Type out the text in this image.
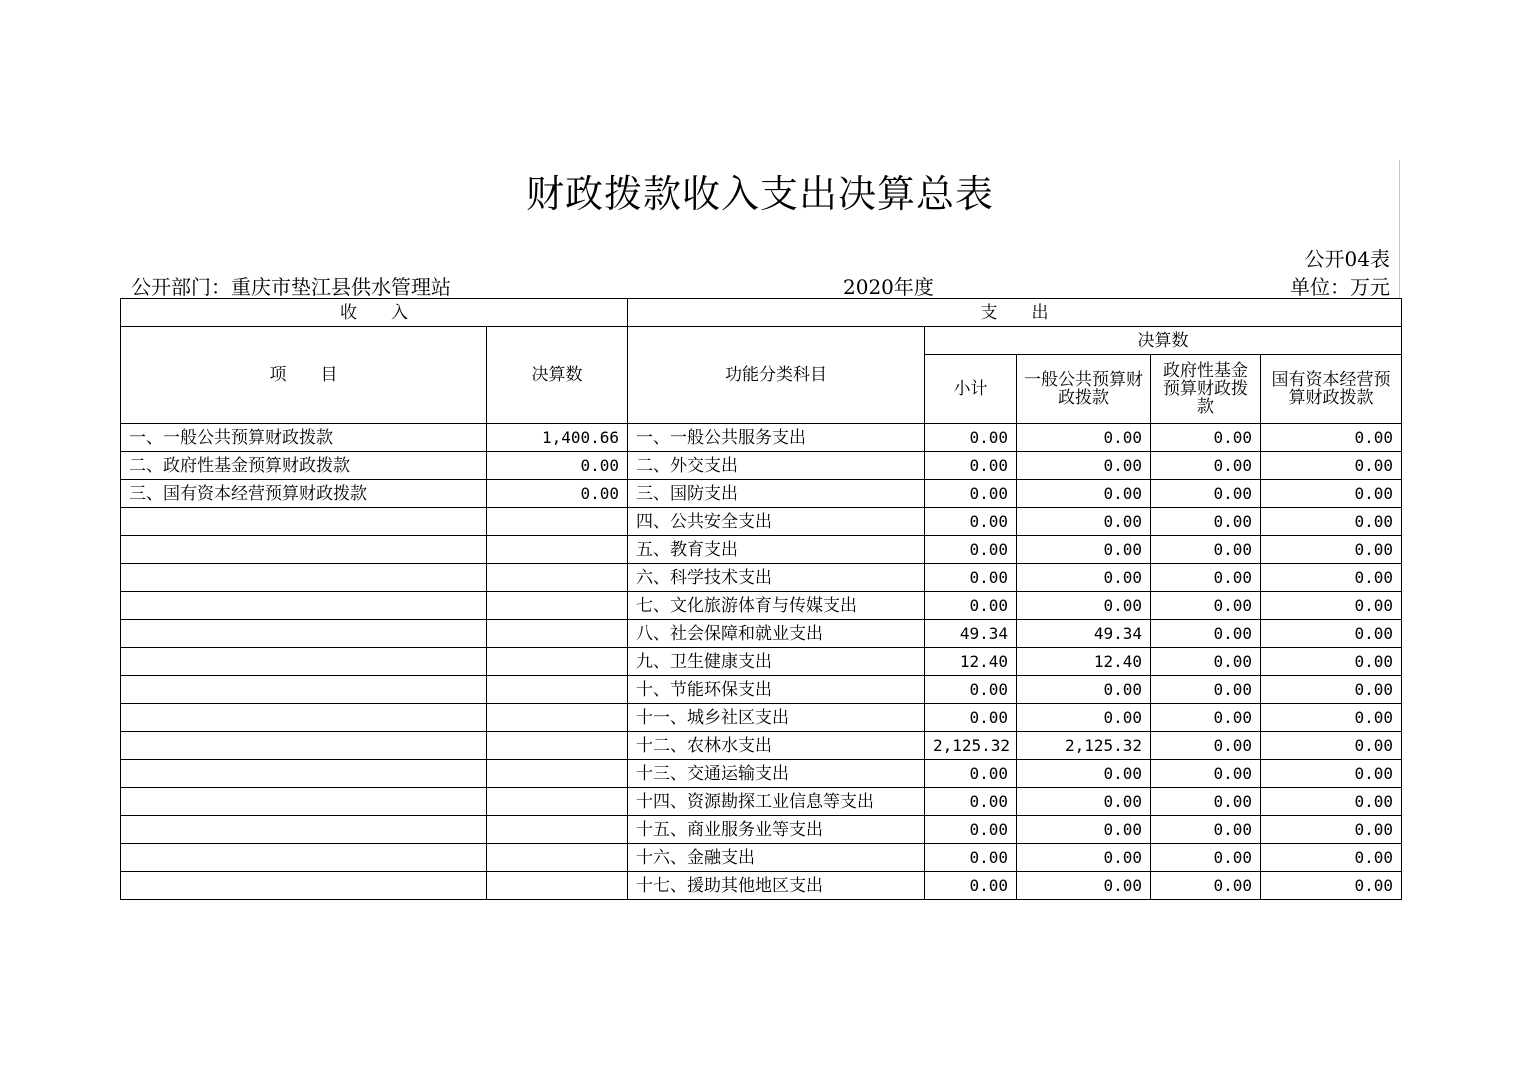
财政拨款收入支出决算总表
公开04表
公开部门：重庆市垫江县供水管理站	2020年度	单位：万元
收　　入		支　　出				
项　　目	决算数	功能分类科目	决算数			
			小计	一般公共预算财政拨款	政府性基金预算财政拨款	国有资本经营预算财政拨款
一、一般公共预算财政拨款	1,400.66	一、一般公共服务支出	0.00	0.00	0.00	0.00
二、政府性基金预算财政拨款	0.00	二、外交支出	0.00	0.00	0.00	0.00
三、国有资本经营预算财政拨款	0.00	三、国防支出	0.00	0.00	0.00	0.00
		四、公共安全支出	0.00	0.00	0.00	0.00
		五、教育支出	0.00	0.00	0.00	0.00
		六、科学技术支出	0.00	0.00	0.00	0.00
		七、文化旅游体育与传媒支出	0.00	0.00	0.00	0.00
		八、社会保障和就业支出	49.34	49.34	0.00	0.00
		九、卫生健康支出	12.40	12.40	0.00	0.00
		十、节能环保支出	0.00	0.00	0.00	0.00
		十一、城乡社区支出	0.00	0.00	0.00	0.00
		十二、农林水支出	2,125.32	2,125.32	0.00	0.00
		十三、交通运输支出	0.00	0.00	0.00	0.00
		十四、资源勘探工业信息等支出	0.00	0.00	0.00	0.00
		十五、商业服务业等支出	0.00	0.00	0.00	0.00
		十六、金融支出	0.00	0.00	0.00	0.00
		十七、援助其他地区支出	0.00	0.00	0.00	0.00
